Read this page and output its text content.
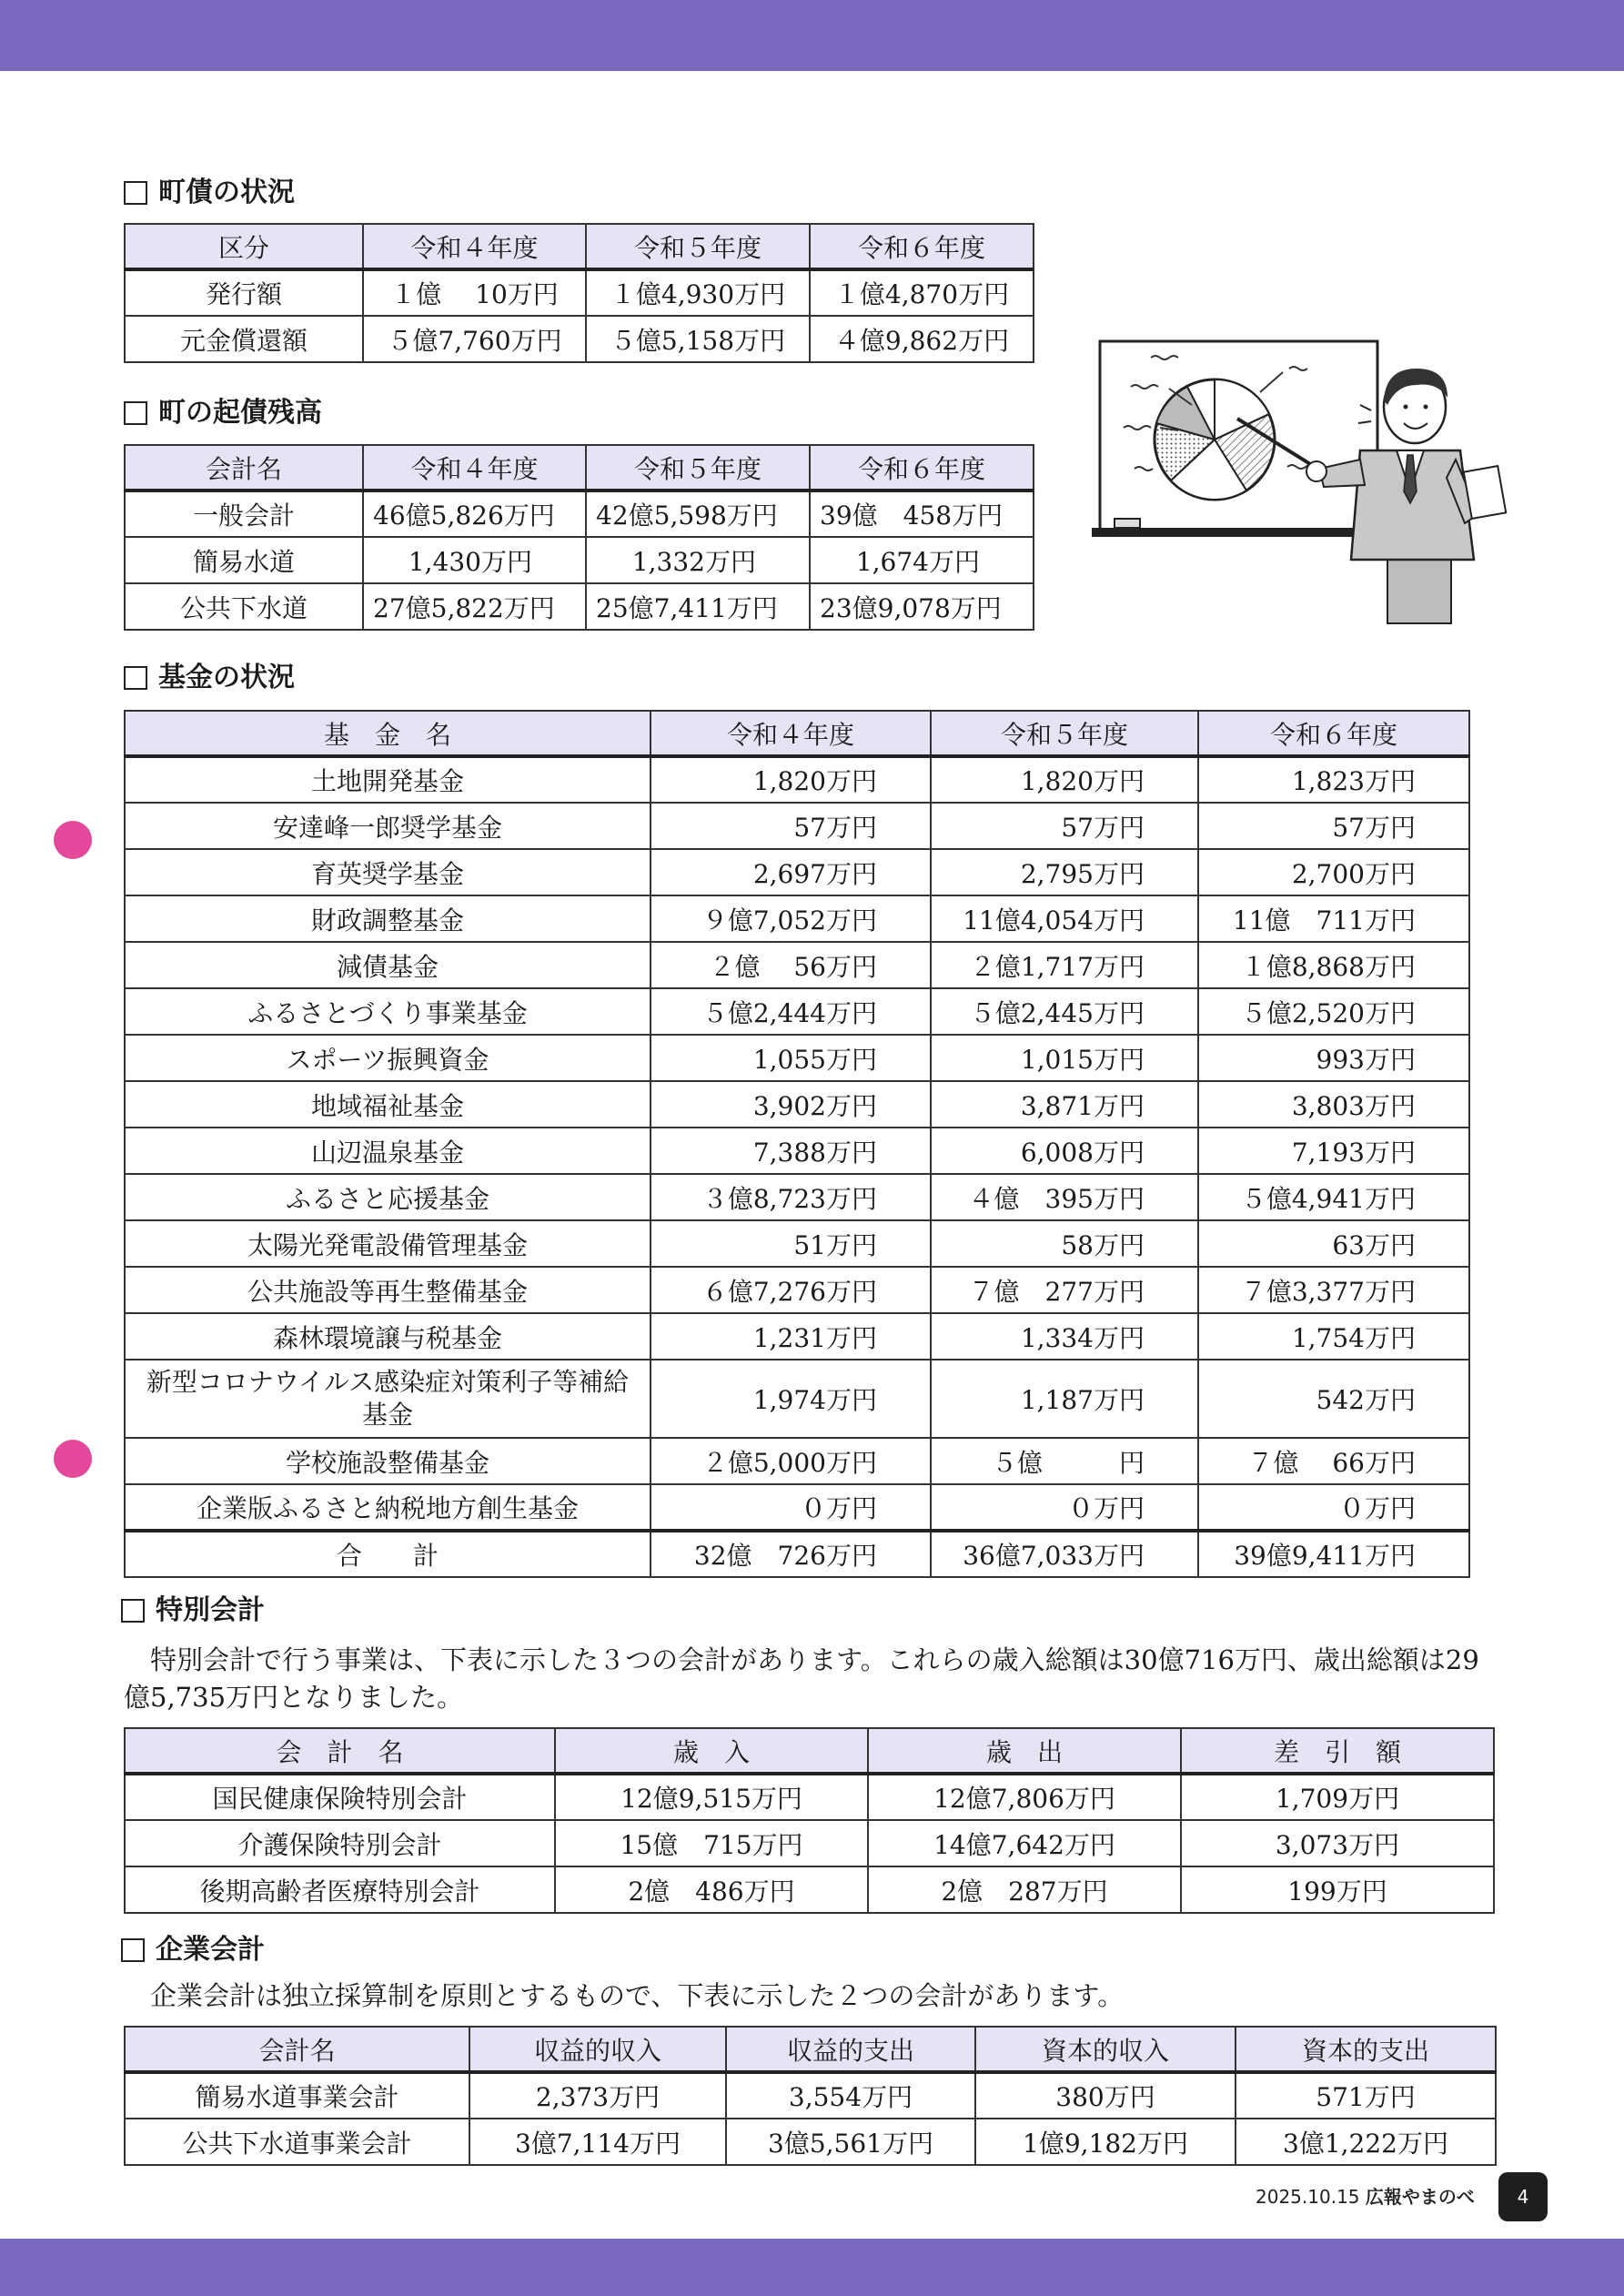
町債の状況
区分	令和４年度	令和５年度	令和６年度
発行額	１億　 10万円	１億4,930万円	１億4,870万円
元金償還額	５億7,760万円	５億5,158万円	４億9,862万円
町の起債残高
会計名	令和４年度	令和５年度	令和６年度
一般会計	46億5,826万円	42億5,598万円	39億　458万円
簡易水道	1,430万円	1,332万円	1,674万円
公共下水道	27億5,822万円	25億7,411万円	23億9,078万円
基金の状況
基　金　名	令和４年度	令和５年度	令和６年度
土地開発基金	1,820万円	1,820万円	1,823万円
安達峰一郎奨学基金	57万円	57万円	57万円
育英奨学基金	2,697万円	2,795万円	2,700万円
財政調整基金	９億7,052万円	11億4,054万円	11億　711万円
減債基金	２億　 56万円	２億1,717万円	１億8,868万円
ふるさとづくり事業基金	５億2,444万円	５億2,445万円	５億2,520万円
スポーツ振興資金	1,055万円	1,015万円	993万円
地域福祉基金	3,902万円	3,871万円	3,803万円
山辺温泉基金	7,388万円	6,008万円	7,193万円
ふるさと応援基金	３億8,723万円	４億　395万円	５億4,941万円
太陽光発電設備管理基金	51万円	58万円	63万円
公共施設等再生整備基金	６億7,276万円	７億　277万円	７億3,377万円
森林環境譲与税基金	1,231万円	1,334万円	1,754万円
新型コロナウイルス感染症対策利子等補給基金	1,974万円	1,187万円	542万円
学校施設整備基金	２億5,000万円	５億　　　円	７億　 66万円
企業版ふるさと納税地方創生基金	０万円	０万円	０万円
合　　計	32億　726万円	36億7,033万円	39億9,411万円
特別会計
特別会計で行う事業は、下表に示した３つの会計があります。これらの歳入総額は30億716万円、歳出総額は29億5,735万円となりました。
会　計　名	歳　入	歳　出	差　引　額
国民健康保険特別会計	12億9,515万円	12億7,806万円	1,709万円
介護保険特別会計	15億　715万円	14億7,642万円	3,073万円
後期高齢者医療特別会計	2億　486万円	2億　287万円	199万円
企業会計
企業会計は独立採算制を原則とするもので、下表に示した２つの会計があります。
会計名	収益的収入	収益的支出	資本的収入	資本的支出
簡易水道事業会計	2,373万円	3,554万円	380万円	571万円
公共下水道事業会計	3億7,114万円	3億5,561万円	1億9,182万円	3億1,222万円
2025.10.15 広報やまのべ	4
